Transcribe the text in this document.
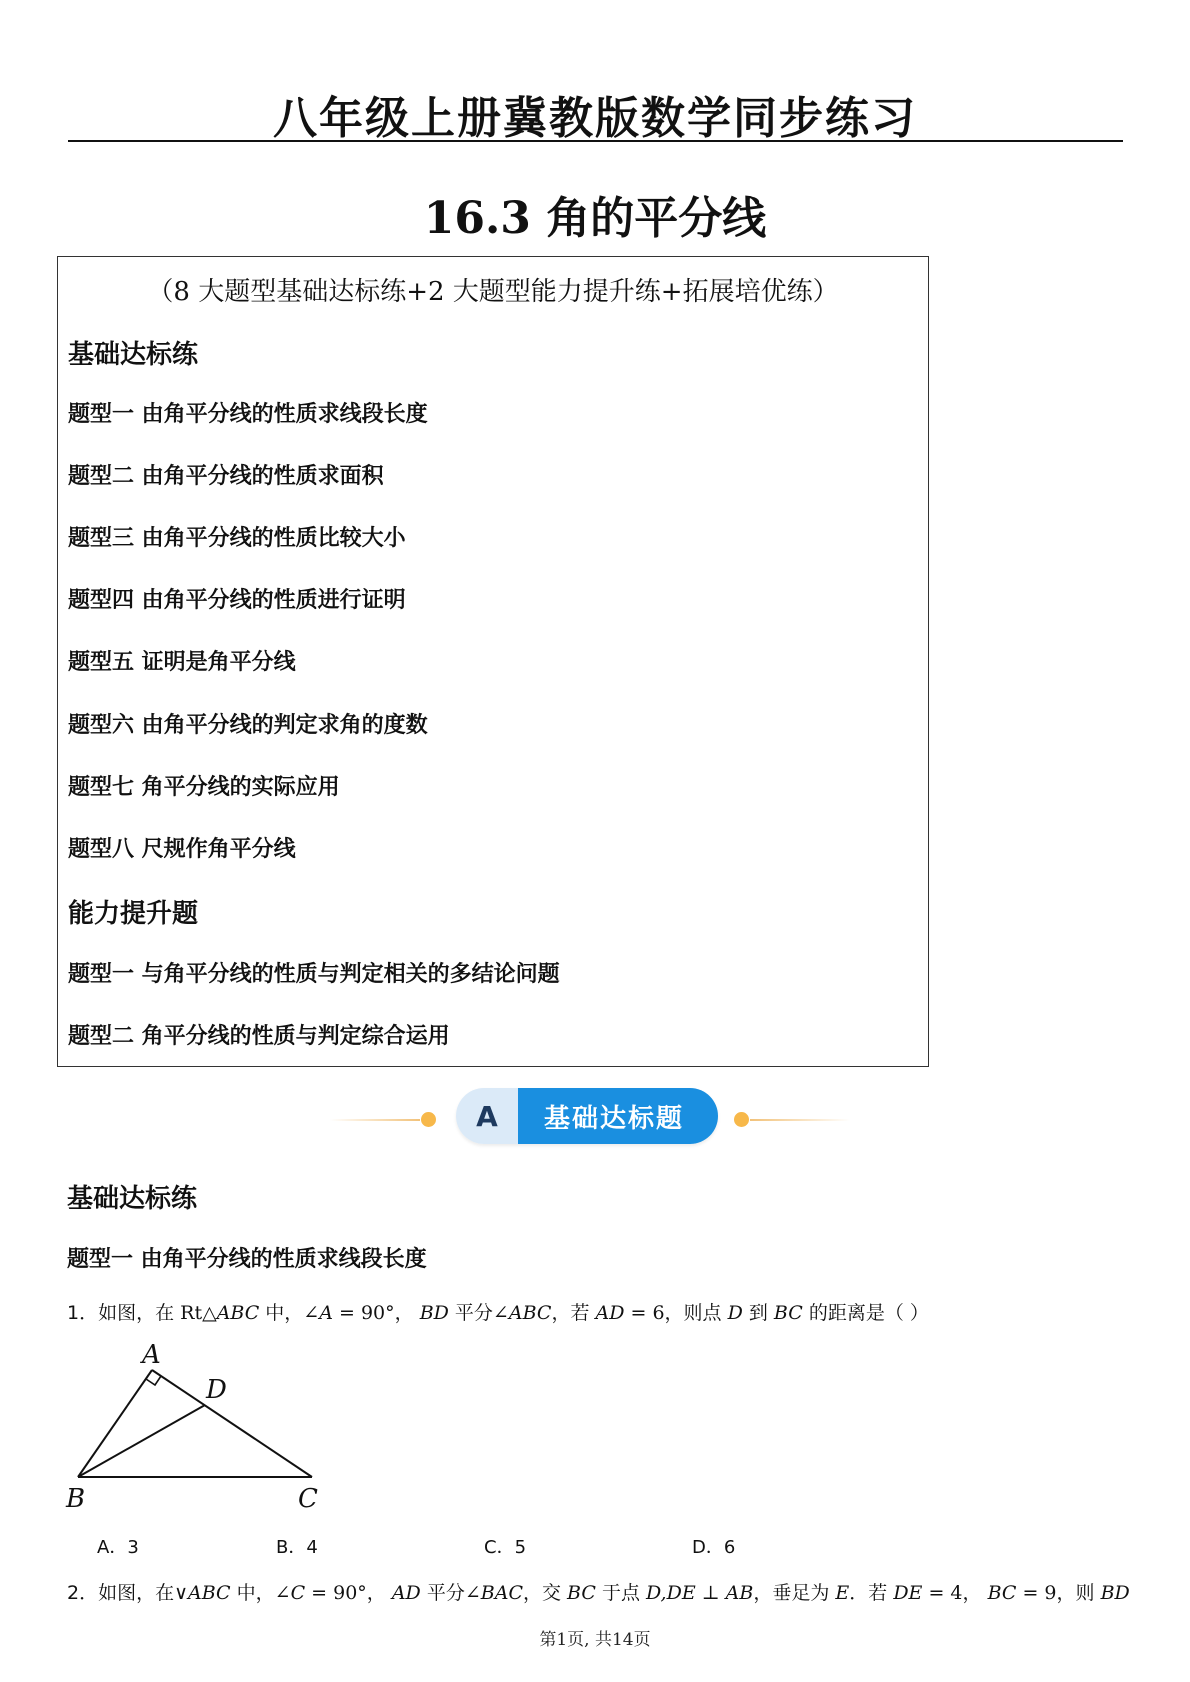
八年级上册冀教版数学同步练习
16.3 角的平分线
（8 大题型基础达标练+2 大题型能力提升练+拓展培优练）
基础达标练
题型一 由角平分线的性质求线段长度
题型二 由角平分线的性质求面积
题型三 由角平分线的性质比较大小
题型四 由角平分线的性质进行证明
题型五 证明是角平分线
题型六 由角平分线的判定求角的度数
题型七 角平分线的实际应用
题型八 尺规作角平分线
能力提升题
题型一 与角平分线的性质与判定相关的多结论问题
题型二 角平分线的性质与判定综合运用
A	基础达标题
基础达标练
题型一 由角平分线的性质求线段长度
1．如图，在 Rt△ABC 中，∠A = 90°， BD 平分∠ABC，若 AD = 6，则点 D 到 BC 的距离是（ ）
A
D
B	C
A．3	B．4	C．5	D．6
2．如图，在∨ABC 中，∠C = 90°， AD 平分∠BAC，交 BC 于点 D,DE ⊥ AB，垂足为 E．若 DE = 4， BC = 9，则 BD
第1页, 共14页
